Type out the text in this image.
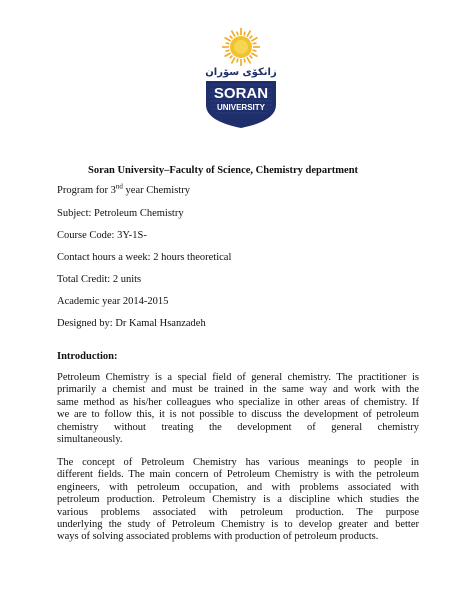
زانكۆی سۆران
SORAN
UNIVERSITY
Soran University–Faculty of Science, Chemistry department
Program for 3nd year Chemistry
Subject: Petroleum Chemistry
Course Code: 3Y-1S-
Contact hours a week: 2 hours theoretical
Total Credit: 2 units
Academic year 2014-2015
Designed by: Dr Kamal Hsanzadeh
Introduction:
Petroleum Chemistry is a special field of general chemistry. The practitioner is
primarily a chemist and must be trained in the same way and work with the
same method as his/her colleagues who specialize in other areas of chemistry. If
we are to follow this, it is not possible to discuss the development of petroleum
chemistry without treating the development of general chemistry
simultaneously.
The concept of Petroleum Chemistry has various meanings to people in
different fields. The main concern of Petroleum Chemistry is with the petroleum
engineers, with petroleum occupation, and with problems associated with
petroleum production. Petroleum Chemistry is a discipline which studies the
various problems associated with petroleum production. The purpose
underlying the study of Petroleum Chemistry is to develop greater and better
ways of solving associated problems with production of petroleum products.
